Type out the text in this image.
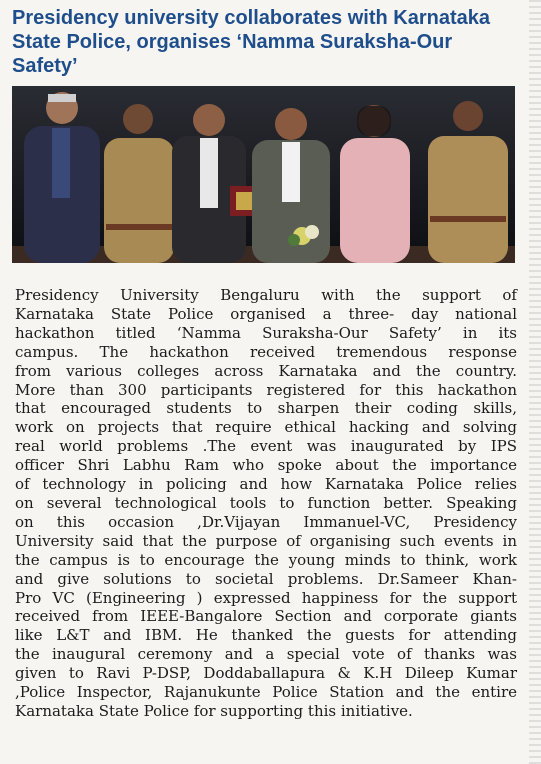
Presidency university collaborates with Karnataka State Police, organises ‘Namma Suraksha-Our Safety’

Presidency University Bengaluru with the support of
Karnataka State Police organised a three- day national
hackathon titled ‘Namma Suraksha-Our Safety’ in its
campus. The hackathon received tremendous response
from various colleges across Karnataka and the country.
More than 300 participants registered for this hackathon
that encouraged students to sharpen their coding skills,
work on projects that require ethical hacking and solving
real world problems .The event was inaugurated by IPS
officer Shri Labhu Ram who spoke about the importance
of technology in policing and how Karnataka Police relies
on several technological tools to function better. Speaking
on this occasion ,Dr.Vijayan Immanuel-VC, Presidency
University said that the purpose of organising such events in
the campus is to encourage the young minds to think, work
and give solutions to societal problems. Dr.Sameer Khan-
Pro VC (Engineering ) expressed happiness for the support
received from IEEE-Bangalore Section and corporate giants
like L&T and IBM. He thanked the guests for attending
the inaugural ceremony and a special vote of thanks was
given to Ravi P-DSP, Doddaballapura & K.H Dileep Kumar
,Police Inspector, Rajanukunte Police Station and the entire
Karnataka State Police for supporting this initiative.
